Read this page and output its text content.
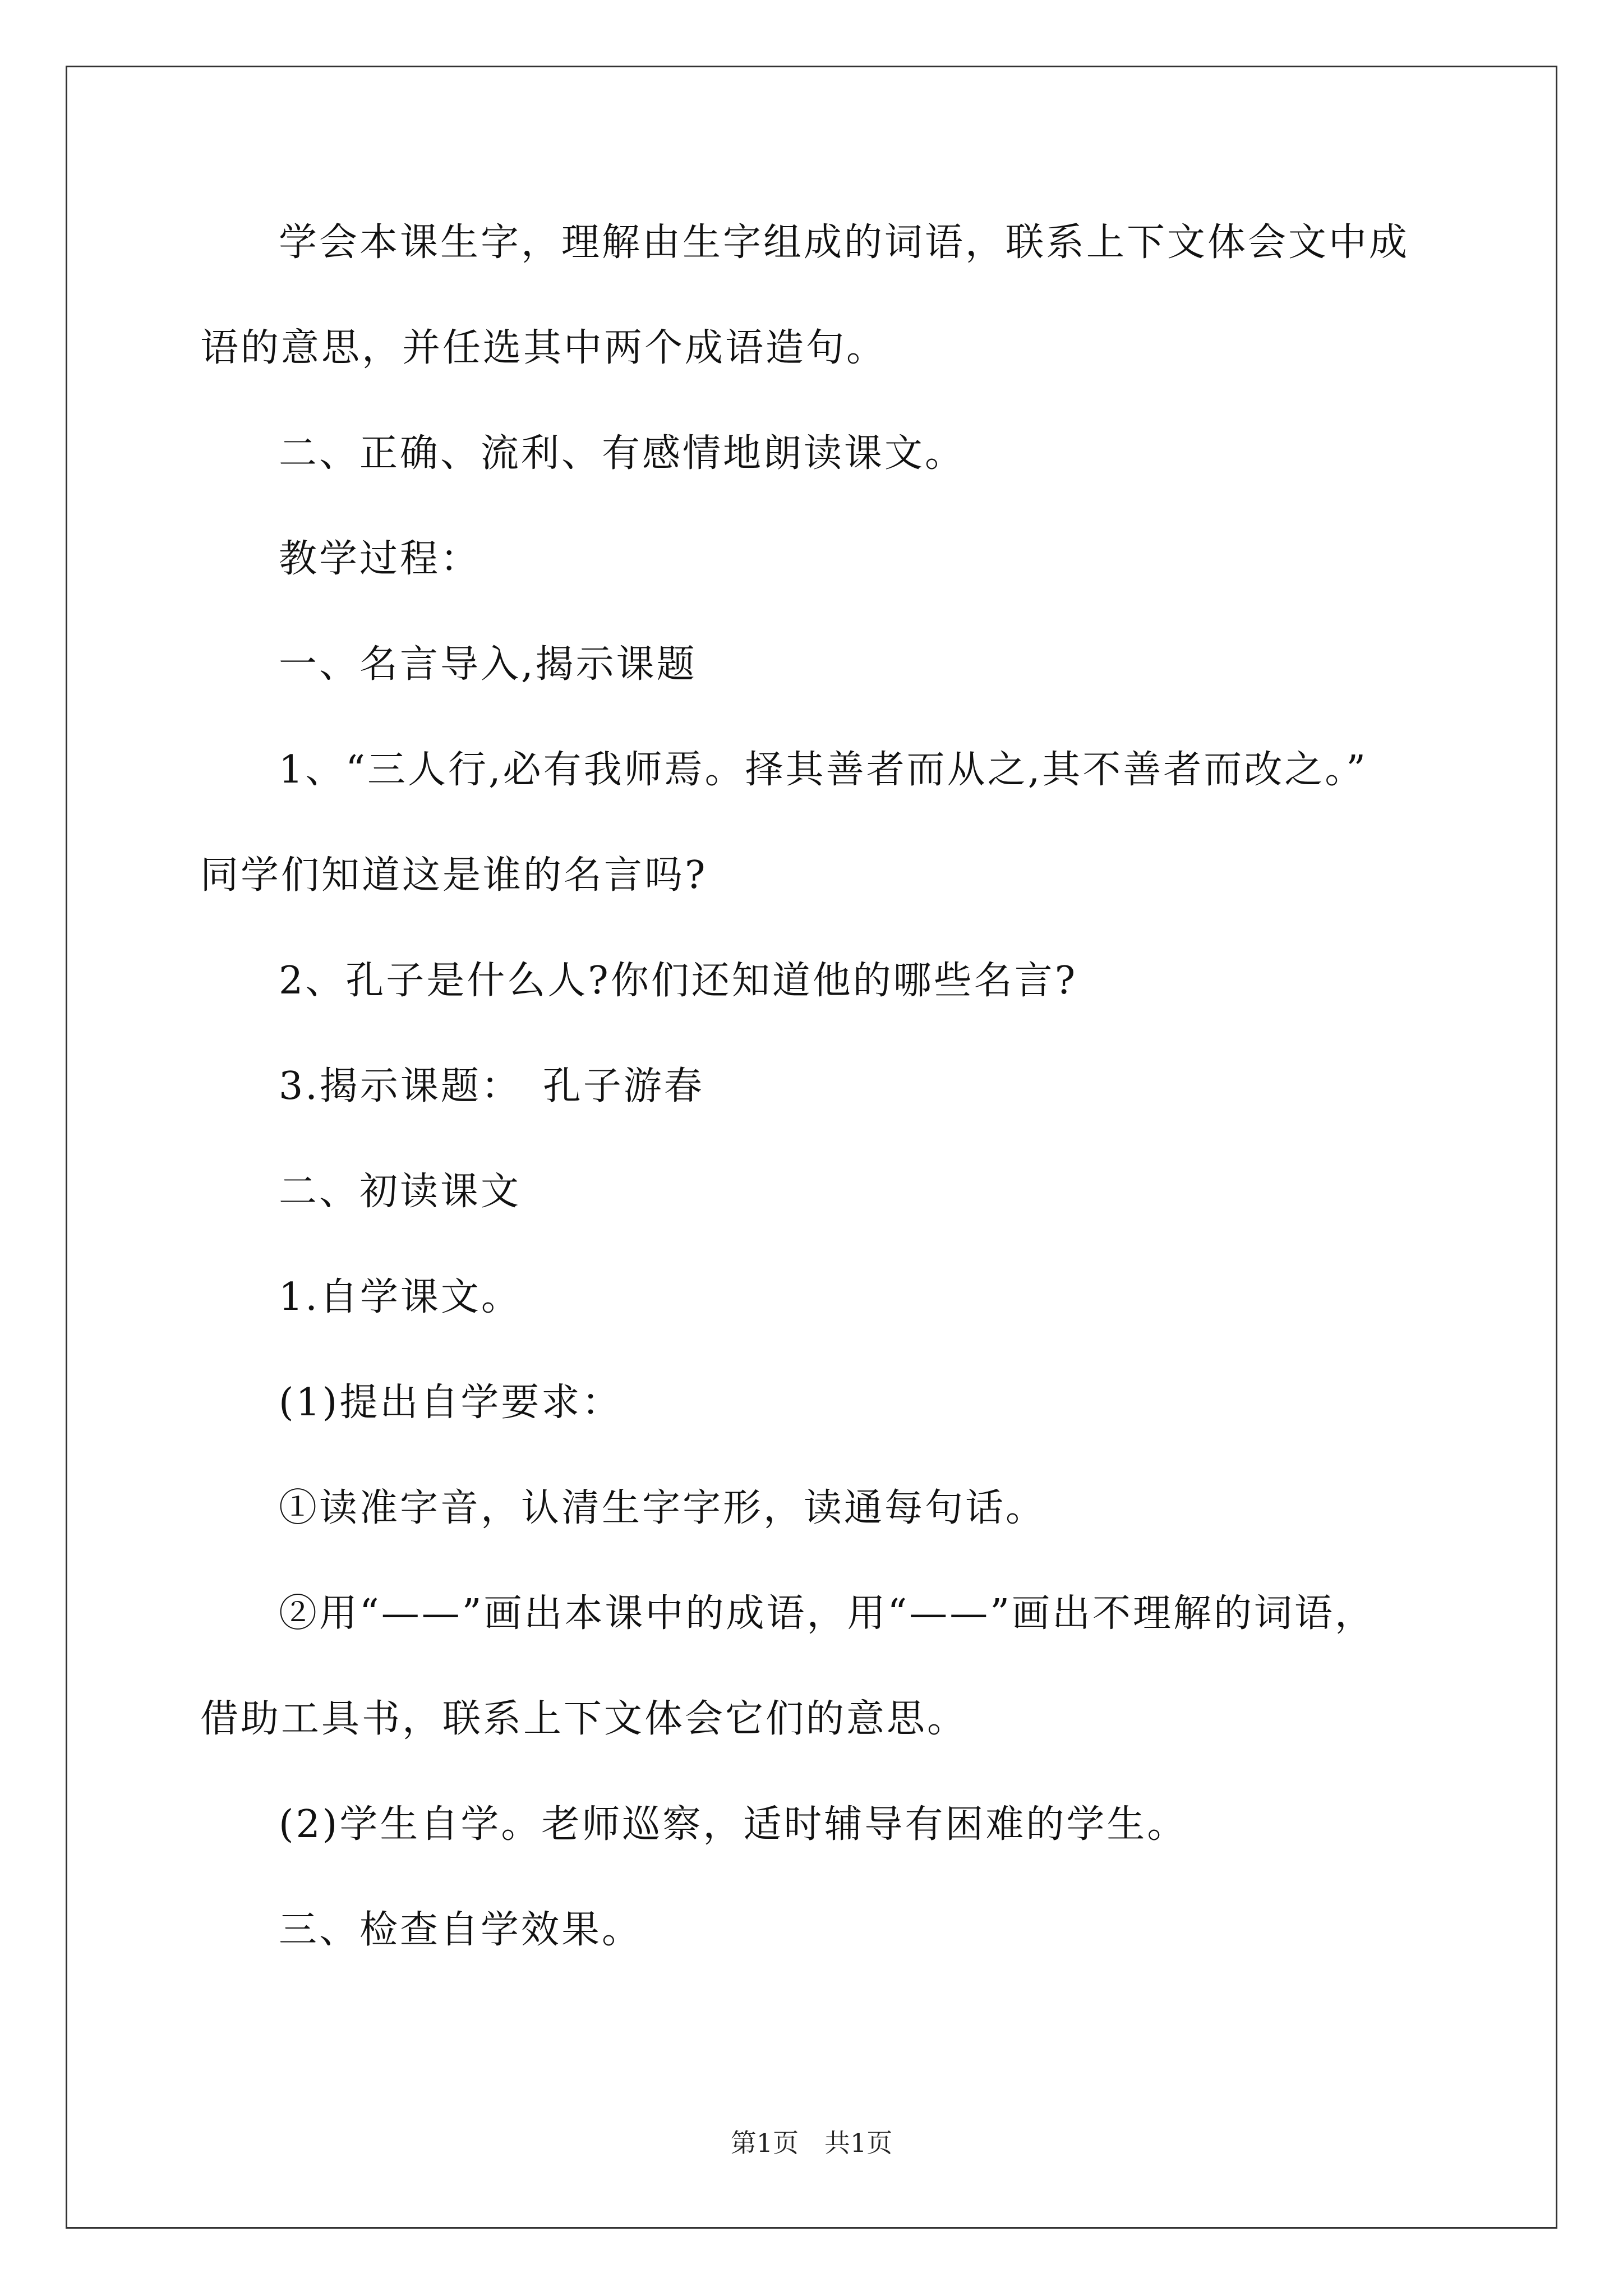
学会本课生字，理解由生字组成的词语，联系上下文体会文中成
语的意思，并任选其中两个成语造句。
二、正确、流利、有感情地朗读课文。
教学过程：
一、名言导入,揭示课题
1、“三人行,必有我师焉。择其善者而从之,其不善者而改之。”
同学们知道这是谁的名言吗?
2、孔子是什么人?你们还知道他的哪些名言?
3.揭示课题：　孔子游春
二、初读课文
1.自学课文。
(1)提出自学要求：
①读准字音，认清生字字形，读通每句话。
②用“——”画出本课中的成语，用“——”画出不理解的词语，
借助工具书，联系上下文体会它们的意思。
(2)学生自学。老师巡察，适时辅导有困难的学生。
三、检查自学效果。
第1页　共1页
